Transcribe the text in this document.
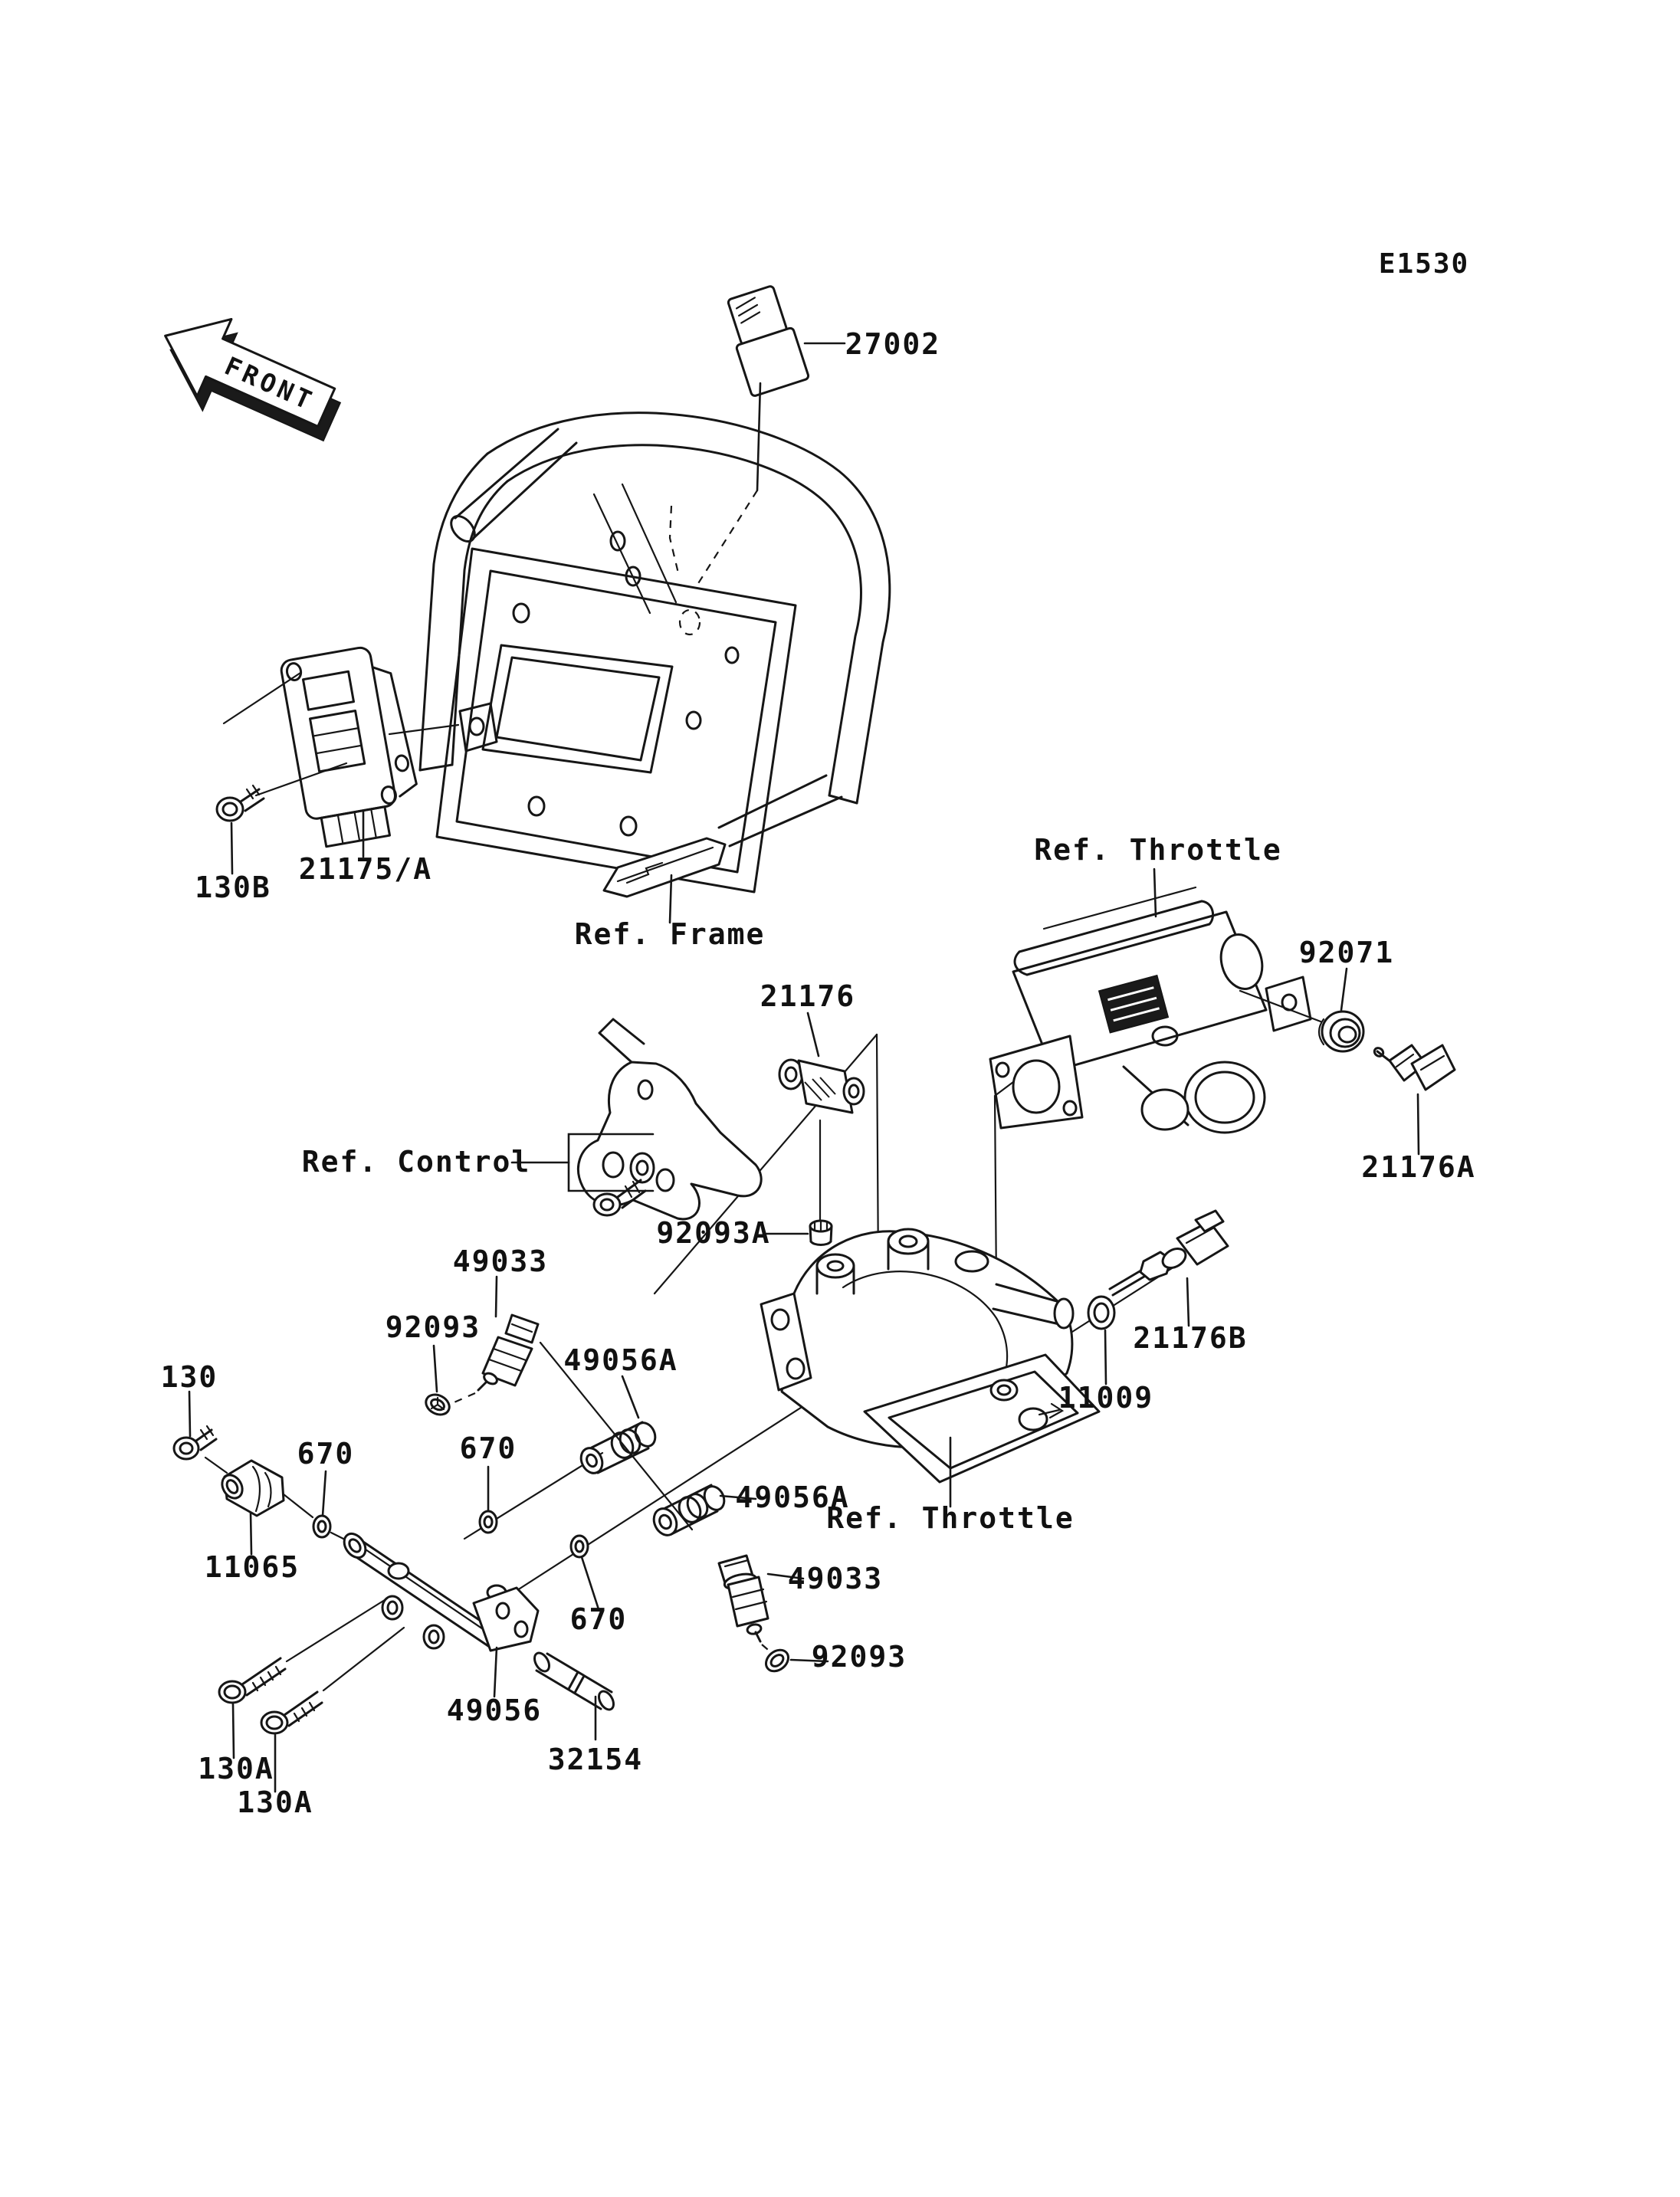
FRONT
E1530
130B
21175/A
Ref. Frame
27002
Ref. Throttle
92071
21176A
Ref. Throttle
21176
92093A
Ref. Control
49033
92093
49056A
130
11065
670	670
670
49056
32154
130A
130A
49056A
49033
92093
11009
21176B
